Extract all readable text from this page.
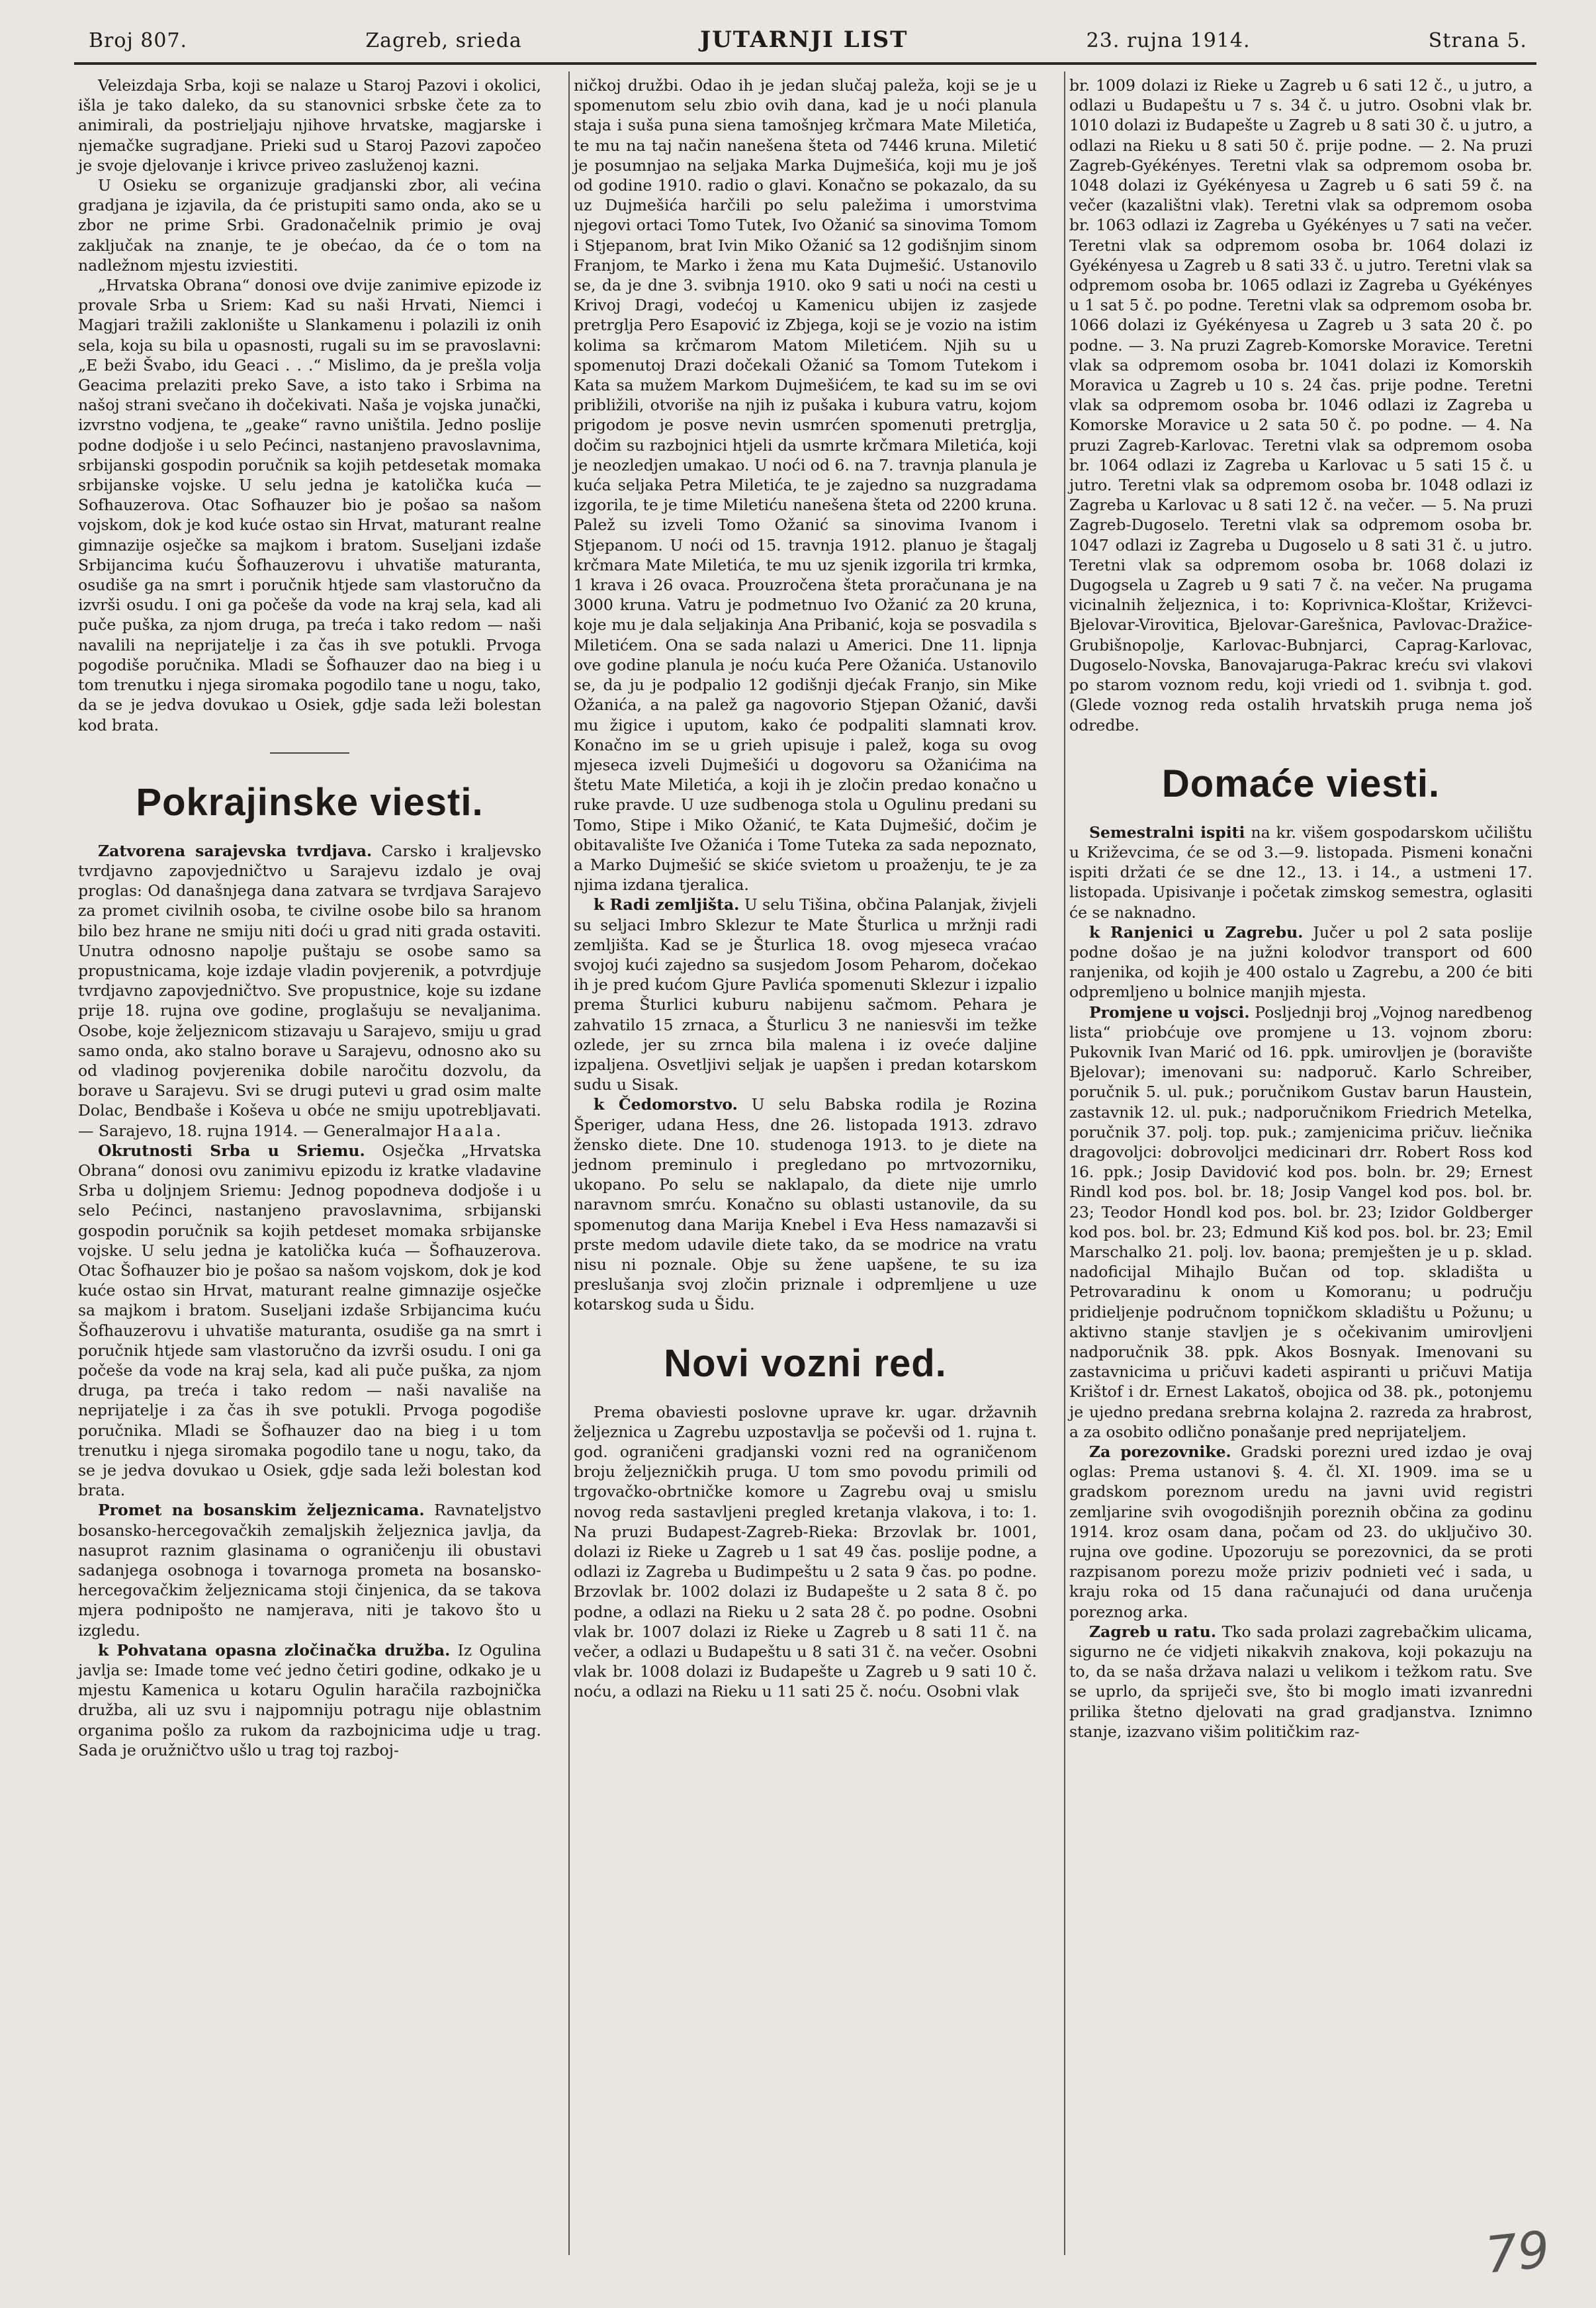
Broj 807.	Zagreb, srieda	JUTARNJI LIST	23. rujna 1914.	Strana 5.

Veleizdaja Srba, koji se nalaze u Staroj Pazovi i okolici, išla je tako daleko, da su stanovnici srbske čete za to animirali, da postrieljaju njihove hrvatske, magjarske i njemačke sugradjane. Prieki sud u Staroj Pazovi započeo je svoje djelovanje i krivce priveo zasluženoj kazni.

U Osieku se organizuje gradjanski zbor, ali većina gradjana je izjavila, da će pristupiti samo onda, ako se u zbor ne prime Srbi. Gradonačelnik primio je ovaj zaključak na znanje, te je obećao, da će o tom na nadležnom mjestu izviestiti.

„Hrvatska Obrana“ donosi ove dvije zanimive epizode iz provale Srba u Sriem: Kad su naši Hrvati, Niemci i Magjari tražili zaklonište u Slankamenu i polazili iz onih sela, koja su bila u opasnosti, rugali su im se pravoslavni: „E beži Švabo, idu Geaci . . .“ Mislimo, da je prešla volja Geacima prelaziti preko Save, a isto tako i Srbima na našoj strani svečano ih dočekivati. Naša je vojska junački, izvrstno vodjena, te „geake“ ravno uništila. Jedno poslije podne dodjoše i u selo Pećinci, nastanjeno pravoslavnima, srbijanski gospodin poručnik sa kojih petdesetak momaka srbijanske vojske. U selu jedna je katolička kuća — Sofhauzerova. Otac Sofhauzer bio je pošao sa našom vojskom, dok je kod kuće ostao sin Hrvat, maturant realne gimnazije osječke sa majkom i bratom. Suseljani izdaše Srbijancima kuću Šofhauzerovu i uhvatiše maturanta, osudiše ga na smrt i poručnik htjede sam vlastoručno da izvrši osudu. I oni ga počeše da vode na kraj sela, kad ali puče puška, za njom druga, pa treća i tako redom — naši navalili na neprijatelje i za čas ih sve potukli. Prvoga pogodiše poručnika. Mladi se Šofhauzer dao na bieg i u tom trenutku i njega siromaka pogodilo tane u nogu, tako, da se je jedva dovukao u Osiek, gdje sada leži bolestan kod brata.

Pokrajinske viesti.

Zatvorena sarajevska tvrdjava. Carsko i kraljevsko tvrdjavno zapovjedničtvo u Sarajevu izdalo je ovaj proglas: Od današnjega dana zatvara se tvrdjava Sarajevo za promet civilnih osoba, te civilne osobe bilo sa hranom bilo bez hrane ne smiju niti doći u grad niti grada ostaviti. Unutra odnosno napolje puštaju se osobe samo sa propustnicama, koje izdaje vladin povjerenik, a potvrdjuje tvrdjavno zapovjedničtvo. Sve propustnice, koje su izdane prije 18. rujna ove godine, proglašuju se nevaljanima. Osobe, koje željeznicom stizavaju u Sarajevo, smiju u grad samo onda, ako stalno borave u Sarajevu, odnosno ako su od vladinog povjerenika dobile naročitu dozvolu, da borave u Sarajevu. Svi se drugi putevi u grad osim malte Dolac, Bendbaše i Koševa u obće ne smiju upotrebljavati. — Sarajevo, 18. rujna 1914. — Generalmajor Haala.

Okrutnosti Srba u Sriemu. Osječka „Hrvatska Obrana“ donosi ovu zanimivu epizodu iz kratke vladavine Srba u doljnjem Sriemu: Jednog popodneva dodjoše i u selo Pećinci, nastanjeno pravoslavnima, srbijanski gospodin poručnik sa kojih petdeset momaka srbijanske vojske. U selu jedna je katolička kuća — Šofhauzerova. Otac Šofhauzer bio je pošao sa našom vojskom, dok je kod kuće ostao sin Hrvat, maturant realne gimnazije osječke sa majkom i bratom. Suseljani izdaše Srbijancima kuću Šofhauzerovu i uhvatiše maturanta, osudiše ga na smrt i poručnik htjede sam vlastoručno da izvrši osudu. I oni ga počeše da vode na kraj sela, kad ali puče puška, za njom druga, pa treća i tako redom — naši navališe na neprijatelje i za čas ih sve potukli. Prvoga pogodiše poručnika. Mladi se Šofhauzer dao na bieg i u tom trenutku i njega siromaka pogodilo tane u nogu, tako, da se je jedva dovukao u Osiek, gdje sada leži bolestan kod brata.

Promet na bosanskim željeznicama. Ravnateljstvo bosansko-hercegovačkih zemaljskih željeznica javlja, da nasuprot raznim glasinama o ograničenju ili obustavi sadanjega osobnoga i tovarnoga prometa na bosansko-hercegovačkim željeznicama stoji činjenica, da se takova mjera podnipošto ne namjerava, niti je takovo što u izgledu.

k Pohvatana opasna zločinačka družba. Iz Ogulina javlja se: Imade tome već jedno četiri godine, odkako je u mjestu Kamenica u kotaru Ogulin haračila razbojnička družba, ali uz svu i najpomniju potragu nije oblastnim organima pošlo za rukom da razbojnicima udje u trag. Sada je oružničtvo ušlo u trag toj razboj-

ničkoj družbi. Odao ih je jedan slučaj paleža, koji se je u spomenutom selu zbio ovih dana, kad je u noći planula staja i suša puna siena tamošnjeg krčmara Mate Miletića, te mu na taj način nanešena šteta od 7446 kruna. Miletić je posumnjao na seljaka Marka Dujmešića, koji mu je još od godine 1910. radio o glavi. Konačno se pokazalo, da su uz Dujmešića harčili po selu paležima i umorstvima njegovi ortaci Tomo Tutek, Ivo Ožanić sa sinovima Tomom i Stjepanom, brat Ivin Miko Ožanić sa 12 godišnjim sinom Franjom, te Marko i žena mu Kata Dujmešić. Ustanovilo se, da je dne 3. svibnja 1910. oko 9 sati u noći na cesti u Krivoj Dragi, vodećoj u Kamenicu ubijen iz zasjede pretrglja Pero Esapović iz Zbjega, koji se je vozio na istim kolima sa krčmarom Matom Miletićem. Njih su u spomenutoj Drazi dočekali Ožanić sa Tomom Tutekom i Kata sa mužem Markom Dujmešićem, te kad su im se ovi približili, otvoriše na njih iz pušaka i kubura vatru, kojom prigodom je posve nevin usmrćen spomenuti pretrglja, dočim su razbojnici htjeli da usmrte krčmara Miletića, koji je neozledjen umakao. U noći od 6. na 7. travnja planula je kuća seljaka Petra Miletića, te je zajedno sa nuzgradama izgorila, te je time Miletiću nanešena šteta od 2200 kruna. Palež su izveli Tomo Ožanić sa sinovima Ivanom i Stjepanom. U noći od 15. travnja 1912. planuo je štagalj krčmara Mate Miletića, te mu uz sjenik izgorila tri krmka, 1 krava i 26 ovaca. Prouzročena šteta proračunana je na 3000 kruna. Vatru je podmetnuo Ivo Ožanić za 20 kruna, koje mu je dala seljakinja Ana Pribanić, koja se posvadila s Miletićem. Ona se sada nalazi u Americi. Dne 11. lipnja ove godine planula je noću kuća Pere Ožanića. Ustanovilo se, da ju je podpalio 12 godišnji djećak Franjo, sin Mike Ožanića, a na palež ga nagovorio Stjepan Ožanić, davši mu žigice i uputom, kako će podpaliti slamnati krov. Konačno im se u grieh upisuje i palež, koga su ovog mjeseca izveli Dujmešići u dogovoru sa Ožanićima na štetu Mate Miletića, a koji ih je zločin predao konačno u ruke pravde. U uze sudbenoga stola u Ogulinu predani su Tomo, Stipe i Miko Ožanić, te Kata Dujmešić, dočim je obitavalište Ive Ožanića i Tome Tuteka za sada nepoznato, a Marko Dujmešić se skiće svietom u proaženju, te je za njima izdana tjeralica.

k Radi zemljišta. U selu Tišina, občina Palanjak, živjeli su seljaci Imbro Sklezur te Mate Šturlica u mržnji radi zemljišta. Kad se je Šturlica 18. ovog mjeseca vraćao svojoj kući zajedno sa susjedom Josom Peharom, dočekao ih je pred kućom Gjure Pavlića spomenuti Sklezur i izpalio prema Šturlici kuburu nabijenu sačmom. Pehara je zahvatilo 15 zrnaca, a Šturlicu 3 ne naniesvši im težke ozlede, jer su zrnca bila malena i iz oveće daljine izpaljena. Osvetljivi seljak je uapšen i predan kotarskom sudu u Sisak.

k Čedomorstvo. U selu Babska rodila je Rozina Šperiger, udana Hess, dne 26. listopada 1913. zdravo žensko diete. Dne 10. studenoga 1913. to je diete na jednom preminulo i pregledano po mrtvozorniku, ukopano. Po selu se naklapalo, da diete nije umrlo naravnom smrću. Konačno su oblasti ustanovile, da su spomenutog dana Marija Knebel i Eva Hess namazavši si prste medom udavile diete tako, da se modrice na vratu nisu ni poznale. Obje su žene uapšene, te su iza preslušanja svoj zločin priznale i odpremljene u uze kotarskog suda u Šidu.

Novi vozni red.

Prema obaviesti poslovne uprave kr. ugar. državnih željeznica u Zagrebu uzpostavlja se počevši od 1. rujna t. god. ograničeni gradjanski vozni red na ograničenom broju željezničkih pruga. U tom smo povodu primili od trgovačko-obrtničke komore u Zagrebu ovaj u smislu novog reda sastavljeni pregled kretanja vlakova, i to: 1. Na pruzi Budapest-Zagreb-Rieka: Brzovlak br. 1001, dolazi iz Rieke u Zagreb u 1 sat 49 čas. poslije podne, a odlazi iz Zagreba u Budimpeštu u 2 sata 9 čas. po podne. Brzovlak br. 1002 dolazi iz Budapešte u 2 sata 8 č. po podne, a odlazi na Rieku u 2 sata 28 č. po podne. Osobni vlak br. 1007 dolazi iz Rieke u Zagreb u 8 sati 11 č. na večer, a odlazi u Budapeštu u 8 sati 31 č. na večer. Osobni vlak br. 1008 dolazi iz Budapešte u Zagreb u 9 sati 10 č. noću, a odlazi na Rieku u 11 sati 25 č. noću. Osobni vlak

br. 1009 dolazi iz Rieke u Zagreb u 6 sati 12 č., u jutro, a odlazi u Budapeštu u 7 s. 34 č. u jutro. Osobni vlak br. 1010 dolazi iz Budapešte u Zagreb u 8 sati 30 č. u jutro, a odlazi na Rieku u 8 sati 50 č. prije podne. — 2. Na pruzi Zagreb-Gyékényes. Teretni vlak sa odpremom osoba br. 1048 dolazi iz Gyékényesa u Zagreb u 6 sati 59 č. na večer (kazalištni vlak). Teretni vlak sa odpremom osoba br. 1063 odlazi iz Zagreba u Gyékényes u 7 sati na večer. Teretni vlak sa odpremom osoba br. 1064 dolazi iz Gyékényesa u Zagreb u 8 sati 33 č. u jutro. Teretni vlak sa odpremom osoba br. 1065 odlazi iz Zagreba u Gyékényes u 1 sat 5 č. po podne. Teretni vlak sa odpremom osoba br. 1066 dolazi iz Gyékényesa u Zagreb u 3 sata 20 č. po podne. — 3. Na pruzi Zagreb-Komorske Moravice. Teretni vlak sa odpremom osoba br. 1041 dolazi iz Komorskih Moravica u Zagreb u 10 s. 24 čas. prije podne. Teretni vlak sa odpremom osoba br. 1046 odlazi iz Zagreba u Komorske Moravice u 2 sata 50 č. po podne. — 4. Na pruzi Zagreb-Karlovac. Teretni vlak sa odpremom osoba br. 1064 odlazi iz Zagreba u Karlovac u 5 sati 15 č. u jutro. Teretni vlak sa odpremom osoba br. 1048 odlazi iz Zagreba u Karlovac u 8 sati 12 č. na večer. — 5. Na pruzi Zagreb-Dugoselo. Teretni vlak sa odpremom osoba br. 1047 odlazi iz Zagreba u Dugoselo u 8 sati 31 č. u jutro. Teretni vlak sa odpremom osoba br. 1068 dolazi iz Dugogsela u Zagreb u 9 sati 7 č. na večer. Na prugama vicinalnih željeznica, i to: Koprivnica-Kloštar, Križevci-Bjelovar-Virovitica, Bjelovar-Garešnica, Pavlovac-Dražice-Grubišnopolje, Karlovac-Bubnjarci, Caprag-Karlovac, Dugoselo-Novska, Banovajaruga-Pakrac kreću svi vlakovi po starom voznom redu, koji vriedi od 1. svibnja t. god. (Glede voznog reda ostalih hrvatskih pruga nema još odredbe.

Domaće viesti.

Semestralni ispiti na kr. višem gospodarskom učilištu u Križevcima, će se od 3.—9. listopada. Pismeni konačni ispiti držati će se dne 12., 13. i 14., a ustmeni 17. listopada. Upisivanje i početak zimskog semestra, oglasiti će se naknadno.

k Ranjenici u Zagrebu. Jučer u pol 2 sata poslije podne došao je na južni kolodvor transport od 600 ranjenika, od kojih je 400 ostalo u Zagrebu, a 200 će biti odpremljeno u bolnice manjih mjesta.

Promjene u vojsci. Posljednji broj „Vojnog naredbenog lista“ priobćuje ove promjene u 13. vojnom zboru: Pukovnik Ivan Marić od 16. ppk. umirovljen je (boravište Bjelovar); imenovani su: nadporuč. Karlo Schreiber, poručnik 5. ul. puk.; poručnikom Gustav barun Haustein, zastavnik 12. ul. puk.; nadporučnikom Friedrich Metelka, poručnik 37. polj. top. puk.; zamjenicima pričuv. liečnika dragovoljci: dobrovoljci medicinari drr. Robert Ross kod 16. ppk.; Josip Davidović kod pos. boln. br. 29; Ernest Rindl kod pos. bol. br. 18; Josip Vangel kod pos. bol. br. 23; Teodor Hondl kod pos. bol. br. 23; Izidor Goldberger kod pos. bol. br. 23; Edmund Kiš kod pos. bol. br. 23; Emil Marschalko 21. polj. lov. baona; premješten je u p. sklad. nadoficijal Mihajlo Bučan od top. skladišta u Petrovaradinu k onom u Komoranu; u području pridieljenje područnom topničkom skladištu u Požunu; u aktivno stanje stavljen je s očekivanim umirovljeni nadporučnik 38. ppk. Akos Bosnyak. Imenovani su zastavnicima u pričuvi kadeti aspiranti u pričuvi Matija Krištof i dr. Ernest Lakatoš, obojica od 38. pk., potonjemu je ujedno predana srebrna kolajna 2. razreda za hrabrost, a za osobito odlično ponašanje pred neprijateljem.

Za porezovnike. Gradski porezni ured izdao je ovaj oglas: Prema ustanovi §. 4. čl. XI. 1909. ima se u gradskom poreznom uredu na javni uvid registri zemljarine svih ovogodišnjih poreznih občina za godinu 1914. kroz osam dana, počam od 23. do uključivo 30. rujna ove godine. Upozoruju se porezovnici, da se proti razpisanom porezu može priziv podnieti već i sada, u kraju roka od 15 dana računajući od dana uručenja poreznog arka.

Zagreb u ratu. Tko sada prolazi zagrebačkim ulicama, sigurno ne će vidjeti nikakvih znakova, koji pokazuju na to, da se naša država nalazi u velikom i težkom ratu. Sve se uprlo, da spriječi sve, što bi moglo imati izvanredni prilika štetno djelovati na grad gradjanstva. Iznimno stanje, izazvano višim političkim raz-

79
